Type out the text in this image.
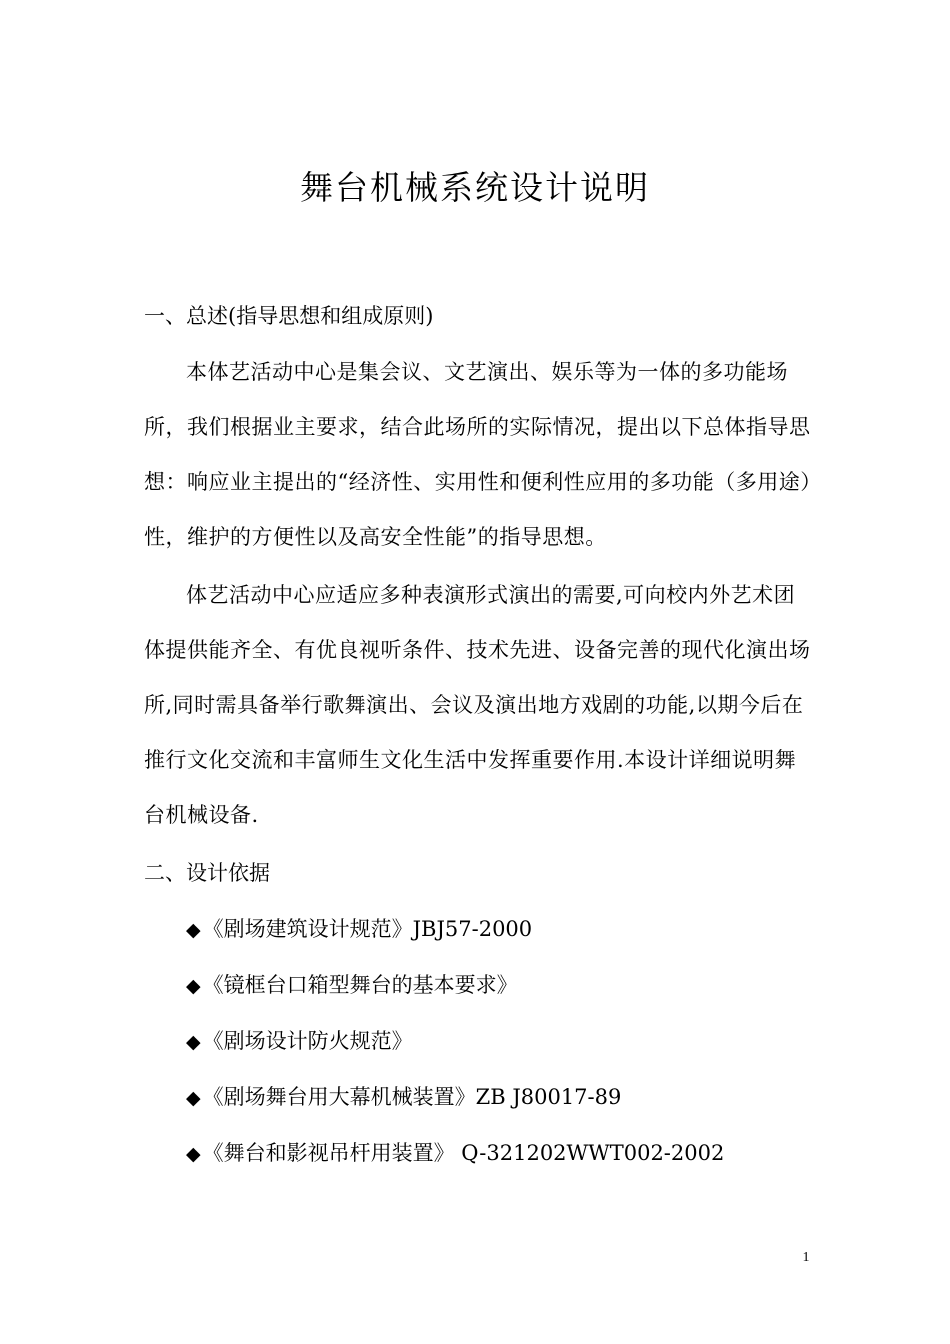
舞台机械系统设计说明
一、总述(指导思想和组成原则)
本体艺活动中心是集会议、文艺演出、娱乐等为一体的多功能场所，我们根据业主要求，结合此场所的实际情况，提出以下总体指导思想：响应业主提出的“经济性、实用性和便利性应用的多功能（多用途）性，维护的方便性以及高安全性能”的指导思想。
体艺活动中心应适应多种表演形式演出的需要,可向校内外艺术团体提供能齐全、有优良视听条件、技术先进、设备完善的现代化演出场所,同时需具备举行歌舞演出、会议及演出地方戏剧的功能,以期今后在推行文化交流和丰富师生文化生活中发挥重要作用.本设计详细说明舞台机械设备.
二、设计依据
◆《剧场建筑设计规范》JBJ57-2000
◆《镜框台口箱型舞台的基本要求》
◆《剧场设计防火规范》
◆《剧场舞台用大幕机械装置》ZB J80017-89
◆《舞台和影视吊杆用装置》 Q-321202WWT002-2002
1
